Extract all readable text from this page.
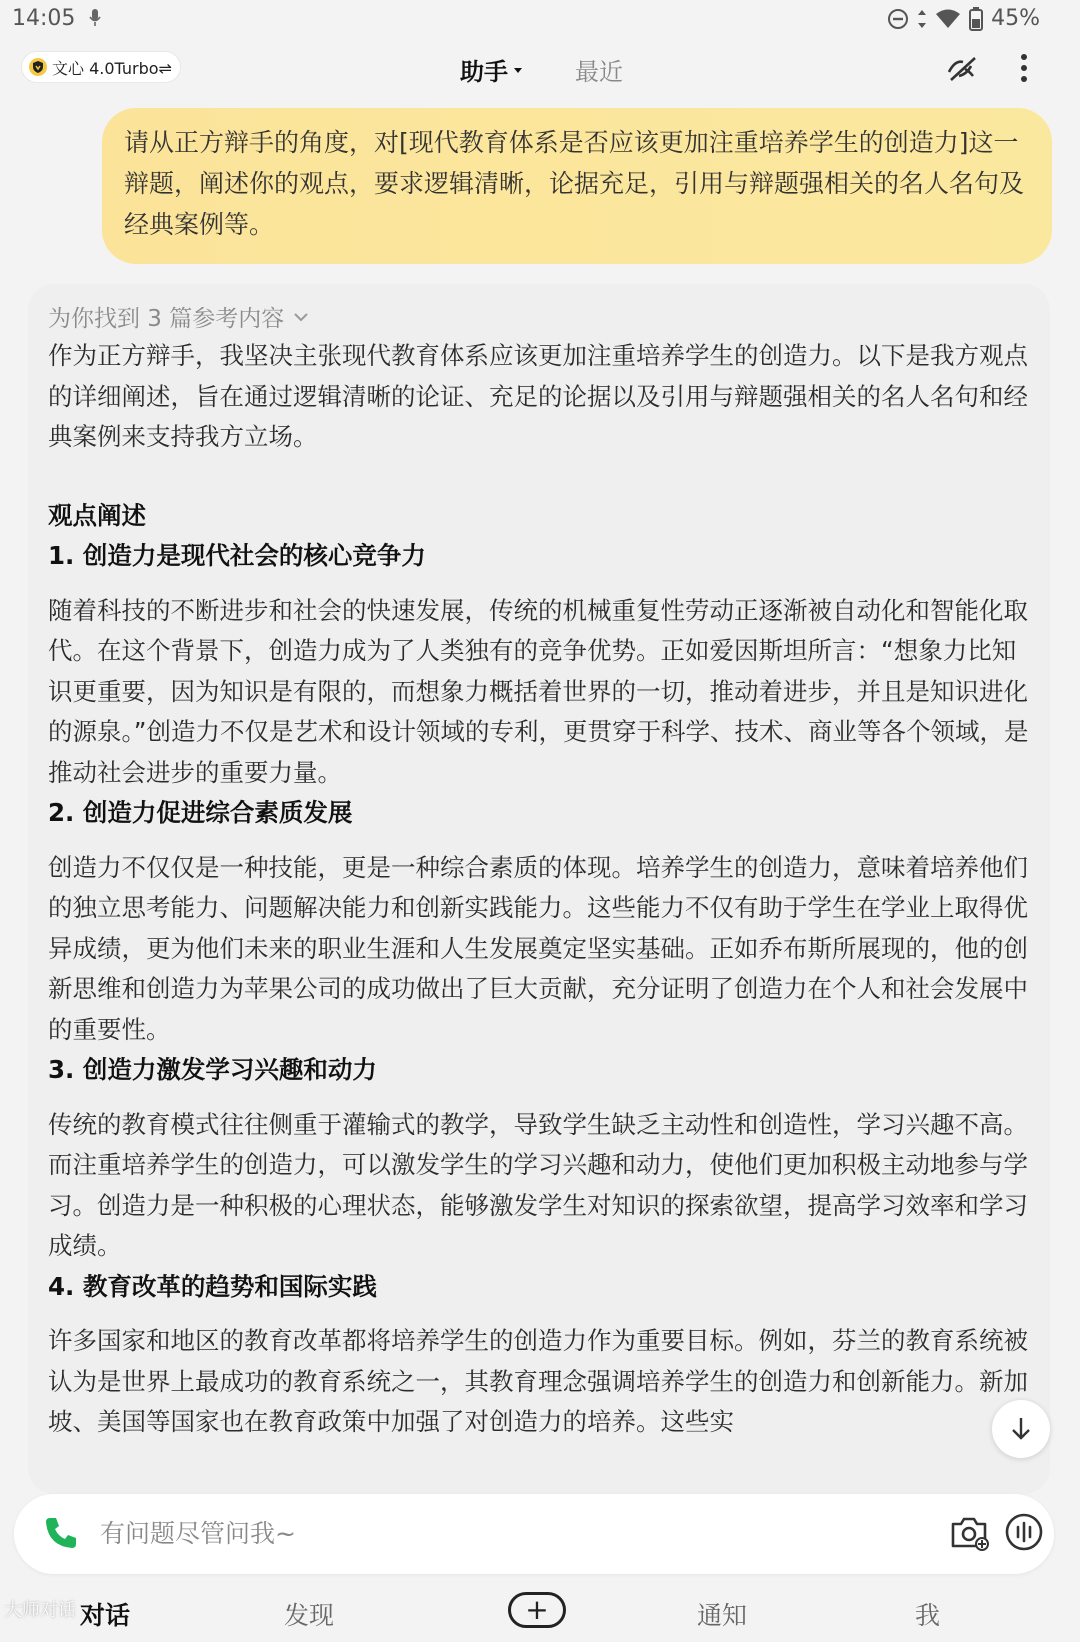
14:05	45%
文心 4.0Turbo⇌	助手	最近
请从正方辩手的角度，对[现代教育体系是否应该更加注重培养学生的创造力]这一辩题，阐述你的观点，要求逻辑清晰，论据充足，引用与辩题强相关的名人名句及经典案例等。
为你找到 3 篇参考内容

作为正方辩手，我坚决主张现代教育体系应该更加注重培养学生的创造力。以下是我方观点的详细阐述，旨在通过逻辑清晰的论证、充足的论据以及引用与辩题强相关的名人名句和经典案例来支持我方立场。

观点阐述

1. 创造力是现代社会的核心竞争力

随着科技的不断进步和社会的快速发展，传统的机械重复性劳动正逐渐被自动化和智能化取代。在这个背景下，创造力成为了人类独有的竞争优势。正如爱因斯坦所言：“想象力比知识更重要，因为知识是有限的，而想象力概括着世界的一切，推动着进步，并且是知识进化的源泉。”创造力不仅是艺术和设计领域的专利，更贯穿于科学、技术、商业等各个领域，是推动社会进步的重要力量。

2. 创造力促进综合素质发展

创造力不仅仅是一种技能，更是一种综合素质的体现。培养学生的创造力，意味着培养他们的独立思考能力、问题解决能力和创新实践能力。这些能力不仅有助于学生在学业上取得优异成绩，更为他们未来的职业生涯和人生发展奠定坚实基础。正如乔布斯所展现的，他的创新思维和创造力为苹果公司的成功做出了巨大贡献，充分证明了创造力在个人和社会发展中的重要性。

3. 创造力激发学习兴趣和动力

传统的教育模式往往侧重于灌输式的教学，导致学生缺乏主动性和创造性，学习兴趣不高。而注重培养学生的创造力，可以激发学生的学习兴趣和动力，使他们更加积极主动地参与学习。创造力是一种积极的心理状态，能够激发学生对知识的探索欲望，提高学习效率和学习成绩。

4. 教育改革的趋势和国际实践

许多国家和地区的教育改革都将培养学生的创造力作为重要目标。例如，芬兰的教育系统被认为是世界上最成功的教育系统之一，其教育理念强调培养学生的创造力和创新能力。新加坡、美国等国家也在教育政策中加强了对创造力的培养。这些实

有问题尽管问我~
对话	发现	+	通知	我
大师对话
